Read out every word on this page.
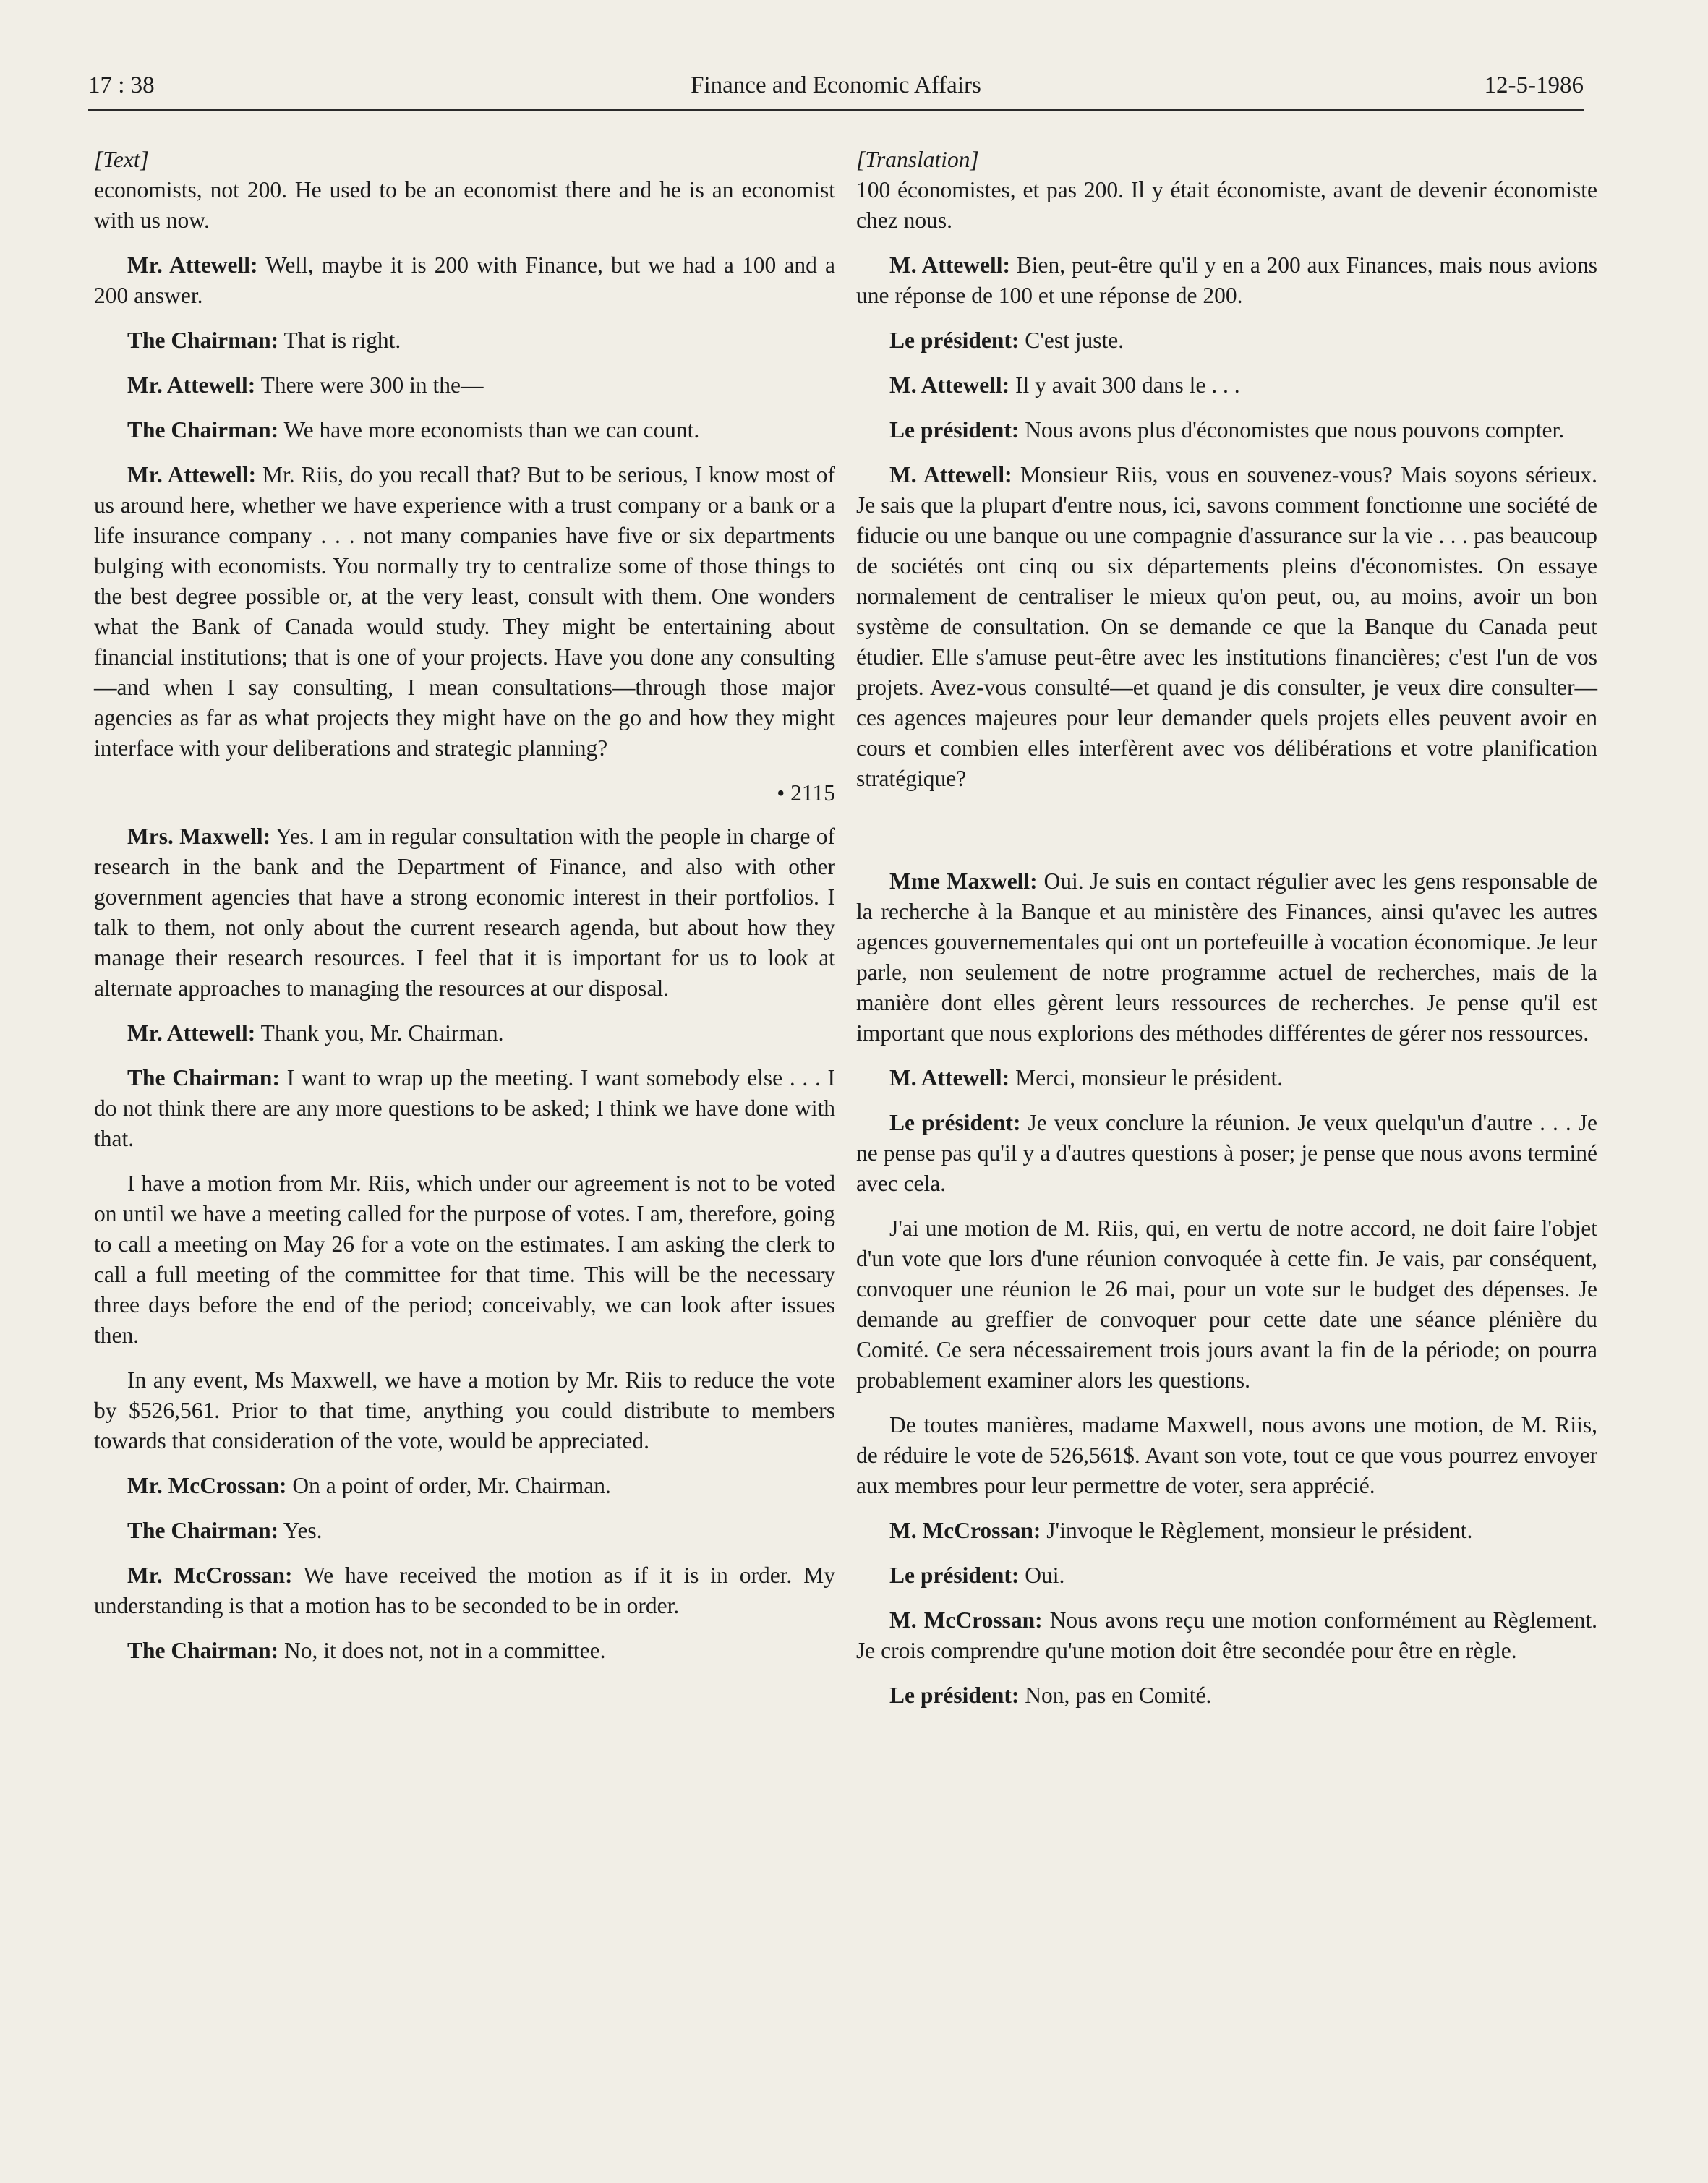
17 : 38	Finance and Economic Affairs	12-5-1986

[Text]

economists, not 200. He used to be an economist there and he is an economist with us now.

Mr. Attewell: Well, maybe it is 200 with Finance, but we had a 100 and a 200 answer.

The Chairman: That is right.

Mr. Attewell: There were 300 in the—

The Chairman: We have more economists than we can count.

Mr. Attewell: Mr. Riis, do you recall that? But to be serious, I know most of us around here, whether we have experience with a trust company or a bank or a life insurance company . . . not many companies have five or six departments bulging with economists. You normally try to centralize some of those things to the best degree possible or, at the very least, consult with them. One wonders what the Bank of Canada would study. They might be entertaining about financial institutions; that is one of your projects. Have you done any consulting—and when I say consulting, I mean consultations—through those major agencies as far as what projects they might have on the go and how they might interface with your deliberations and strategic planning?

• 2115

Mrs. Maxwell: Yes. I am in regular consultation with the people in charge of research in the bank and the Department of Finance, and also with other government agencies that have a strong economic interest in their portfolios. I talk to them, not only about the current research agenda, but about how they manage their research resources. I feel that it is important for us to look at alternate approaches to managing the resources at our disposal.

Mr. Attewell: Thank you, Mr. Chairman.

The Chairman: I want to wrap up the meeting. I want somebody else . . . I do not think there are any more questions to be asked; I think we have done with that.

I have a motion from Mr. Riis, which under our agreement is not to be voted on until we have a meeting called for the purpose of votes. I am, therefore, going to call a meeting on May 26 for a vote on the estimates. I am asking the clerk to call a full meeting of the committee for that time. This will be the necessary three days before the end of the period; conceivably, we can look after issues then.

In any event, Ms Maxwell, we have a motion by Mr. Riis to reduce the vote by $526,561. Prior to that time, anything you could distribute to members towards that consideration of the vote, would be appreciated.

Mr. McCrossan: On a point of order, Mr. Chairman.

The Chairman: Yes.

Mr. McCrossan: We have received the motion as if it is in order. My understanding is that a motion has to be seconded to be in order.

The Chairman: No, it does not, not in a committee.

[Translation]

100 économistes, et pas 200. Il y était économiste, avant de devenir économiste chez nous.

M. Attewell: Bien, peut-être qu'il y en a 200 aux Finances, mais nous avions une réponse de 100 et une réponse de 200.

Le président: C'est juste.

M. Attewell: Il y avait 300 dans le . . .

Le président: Nous avons plus d'économistes que nous pouvons compter.

M. Attewell: Monsieur Riis, vous en souvenez-vous? Mais soyons sérieux. Je sais que la plupart d'entre nous, ici, savons comment fonctionne une société de fiducie ou une banque ou une compagnie d'assurance sur la vie . . . pas beaucoup de sociétés ont cinq ou six départements pleins d'économistes. On essaye normalement de centraliser le mieux qu'on peut, ou, au moins, avoir un bon système de consultation. On se demande ce que la Banque du Canada peut étudier. Elle s'amuse peut-être avec les institutions financières; c'est l'un de vos projets. Avez-vous consulté—et quand je dis consulter, je veux dire consulter—ces agences majeures pour leur demander quels projets elles peuvent avoir en cours et combien elles interfèrent avec vos délibérations et votre planification stratégique?

Mme Maxwell: Oui. Je suis en contact régulier avec les gens responsable de la recherche à la Banque et au ministère des Finances, ainsi qu'avec les autres agences gouvernementales qui ont un portefeuille à vocation économique. Je leur parle, non seulement de notre programme actuel de recherches, mais de la manière dont elles gèrent leurs ressources de recherches. Je pense qu'il est important que nous explorions des méthodes différentes de gérer nos ressources.

M. Attewell: Merci, monsieur le président.

Le président: Je veux conclure la réunion. Je veux quelqu'un d'autre . . . Je ne pense pas qu'il y a d'autres questions à poser; je pense que nous avons terminé avec cela.

J'ai une motion de M. Riis, qui, en vertu de notre accord, ne doit faire l'objet d'un vote que lors d'une réunion convoquée à cette fin. Je vais, par conséquent, convoquer une réunion le 26 mai, pour un vote sur le budget des dépenses. Je demande au greffier de convoquer pour cette date une séance plénière du Comité. Ce sera nécessairement trois jours avant la fin de la période; on pourra probablement examiner alors les questions.

De toutes manières, madame Maxwell, nous avons une motion, de M. Riis, de réduire le vote de 526,561$. Avant son vote, tout ce que vous pourrez envoyer aux membres pour leur permettre de voter, sera apprécié.

M. McCrossan: J'invoque le Règlement, monsieur le président.

Le président: Oui.

M. McCrossan: Nous avons reçu une motion conformément au Règlement. Je crois comprendre qu'une motion doit être secondée pour être en règle.

Le président: Non, pas en Comité.
